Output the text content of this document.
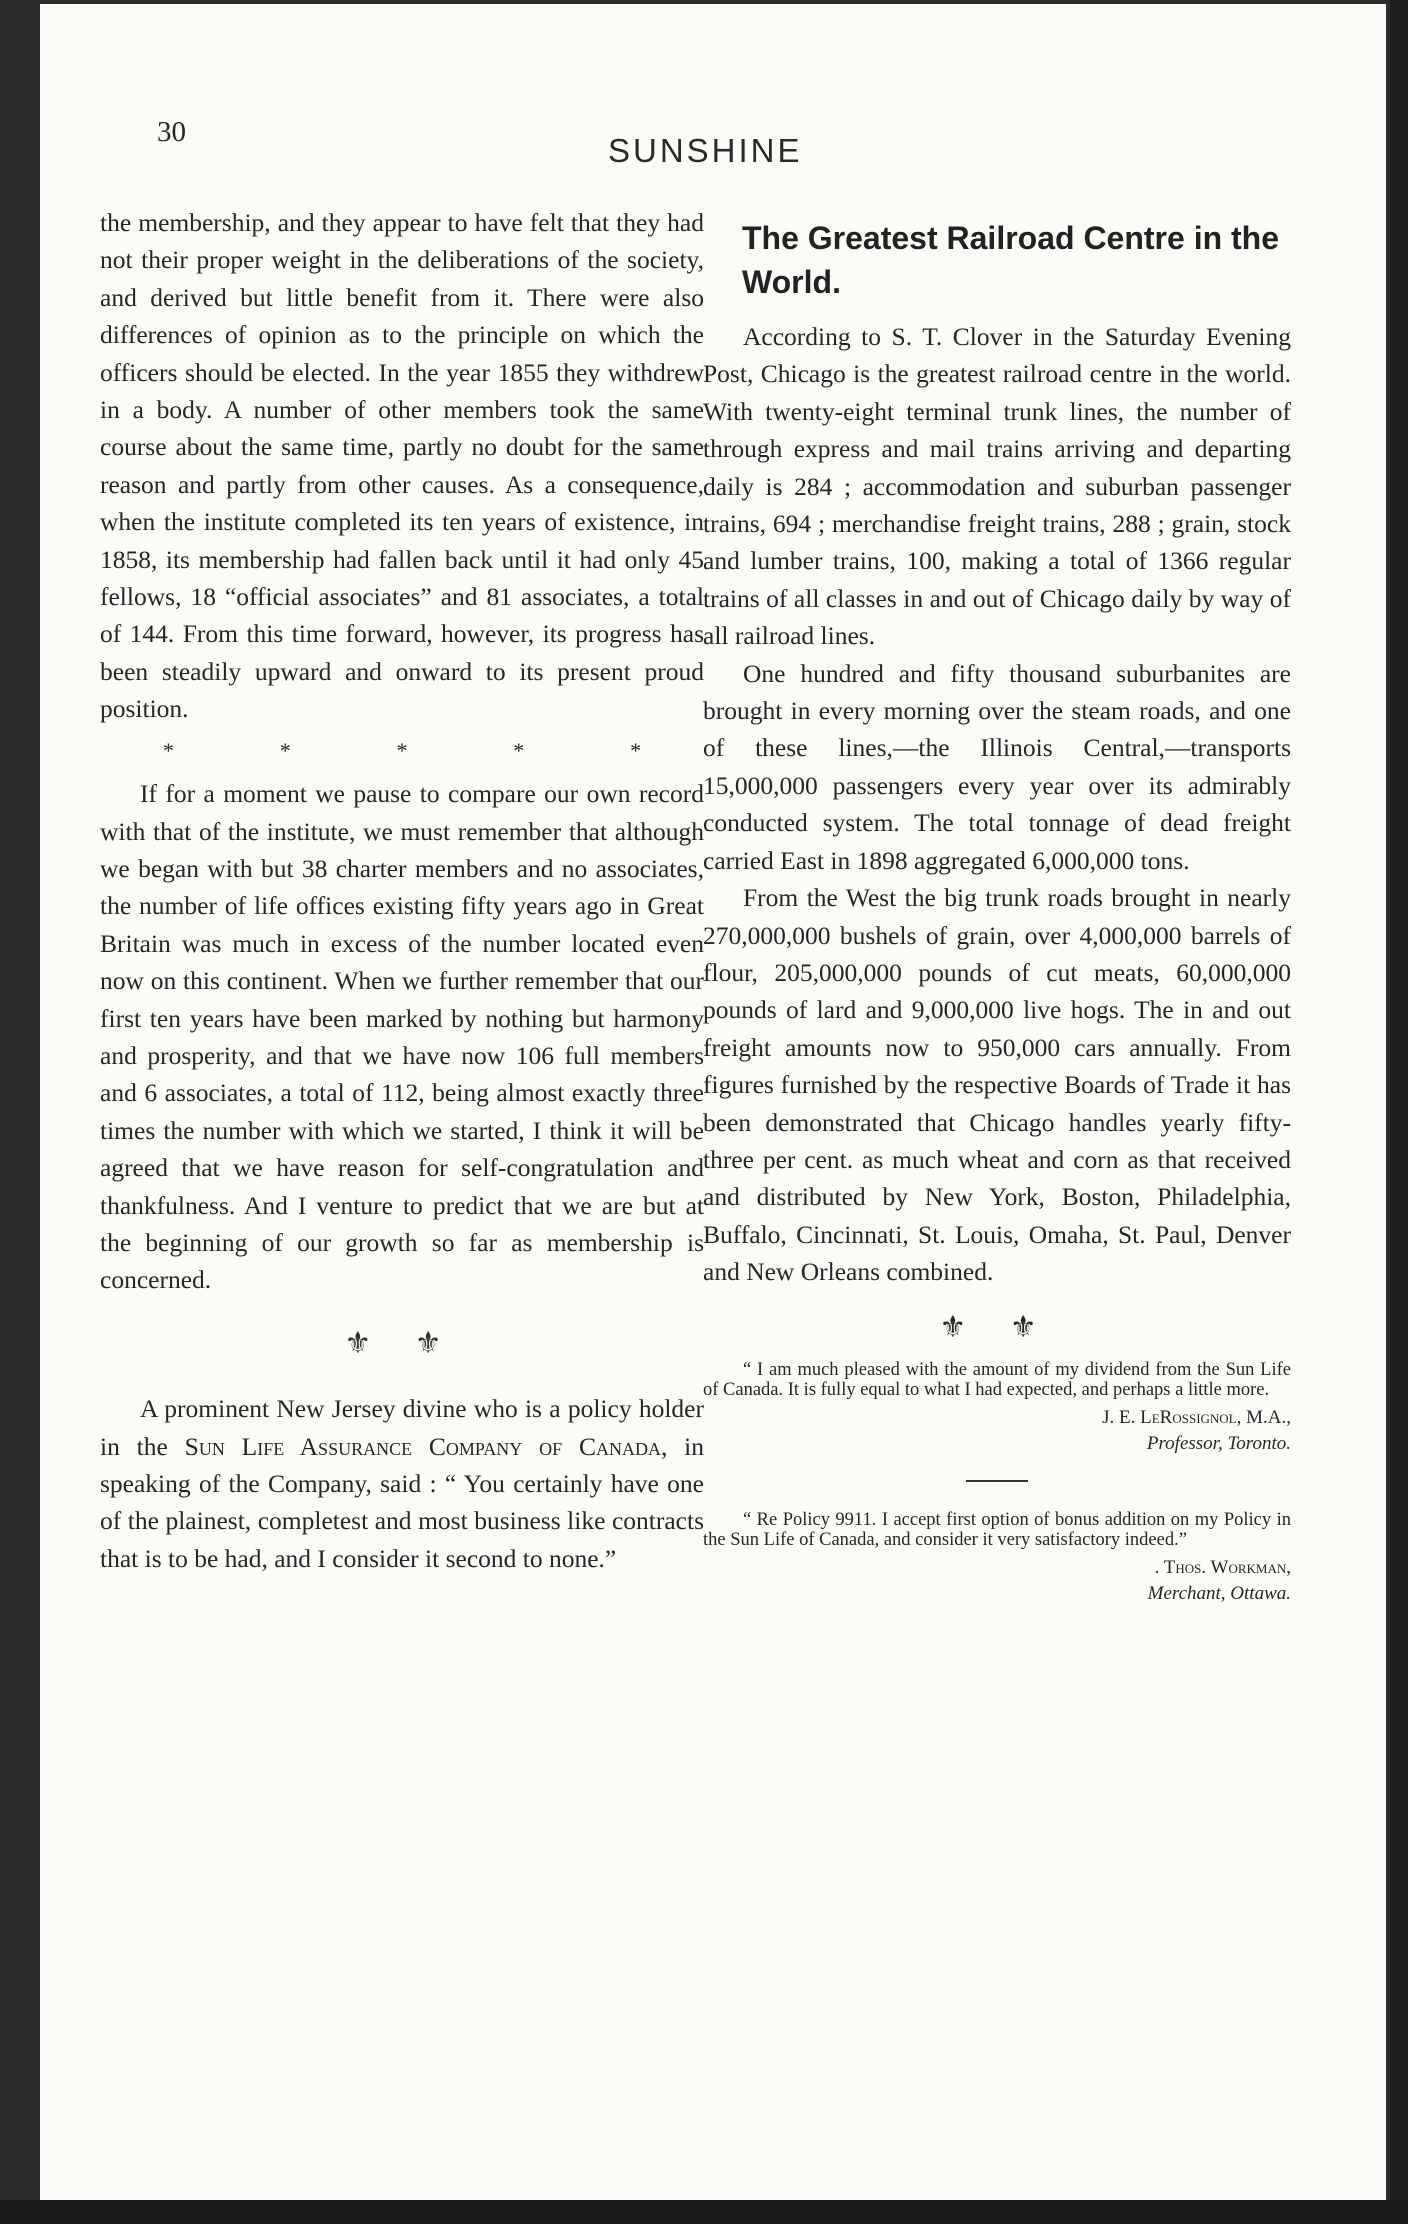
30	SUNSHINE

the membership, and they appear to have felt that they had not their proper weight in the deliberations of the society, and derived but little benefit from it. There were also differences of opinion as to the principle on which the officers should be elected. In the year 1855 they withdrew in a body. A number of other members took the same course about the same time, partly no doubt for the same reason and partly from other causes. As a consequence, when the institute completed its ten years of existence, in 1858, its membership had fallen back until it had only 45 fellows, 18 “official associates” and 81 associates, a total of 144. From this time forward, however, its progress has been steadily upward and onward to its present proud position.

*	*	*	*	*

If for a moment we pause to compare our own record with that of the institute, we must remember that although we began with but 38 charter members and no associates, the number of life offices existing fifty years ago in Great Britain was much in excess of the number located even now on this continent. When we further remember that our first ten years have been marked by nothing but harmony and prosperity, and that we have now 106 full members and 6 associates, a total of 112, being almost exactly three times the number with which we started, I think it will be agreed that we have reason for self-congratulation and thankfulness. And I venture to predict that we are but at the beginning of our growth so far as membership is concerned.

⚜ ⚜

A prominent New Jersey divine who is a policy holder in the Sun Life Assurance Company of Canada, in speaking of the Company, said : “ You certainly have one of the plainest, completest and most business like contracts that is to be had, and I consider it second to none.”

The Greatest Railroad Centre in the World.

According to S. T. Clover in the Saturday Evening Post, Chicago is the greatest railroad centre in the world. With twenty-eight terminal trunk lines, the number of through express and mail trains arriving and departing daily is 284 ; accommodation and suburban passenger trains, 694 ; merchandise freight trains, 288 ; grain, stock and lumber trains, 100, making a total of 1366 regular trains of all classes in and out of Chicago daily by way of all railroad lines.

One hundred and fifty thousand suburbanites are brought in every morning over the steam roads, and one of these lines,—the Illinois Central,—transports 15,000,000 passengers every year over its admirably conducted system. The total tonnage of dead freight carried East in 1898 aggregated 6,000,000 tons.

From the West the big trunk roads brought in nearly 270,000,000 bushels of grain, over 4,000,000 barrels of flour, 205,000,000 pounds of cut meats, 60,000,000 pounds of lard and 9,000,000 live hogs. The in and out freight amounts now to 950,000 cars annually. From figures furnished by the respective Boards of Trade it has been demonstrated that Chicago handles yearly fifty-three per cent. as much wheat and corn as that received and distributed by New York, Boston, Philadelphia, Buffalo, Cincinnati, St. Louis, Omaha, St. Paul, Denver and New Orleans combined.

⚜ ⚜

“ I am much pleased with the amount of my dividend from the Sun Life of Canada. It is fully equal to what I had expected, and perhaps a little more.

J. E. LeRossignol, M.A.,
Professor, Toronto.

“ Re Policy 9911. I accept first option of bonus addition on my Policy in the Sun Life of Canada, and consider it very satisfactory indeed.”

. Thos. Workman,
Merchant, Ottawa.
